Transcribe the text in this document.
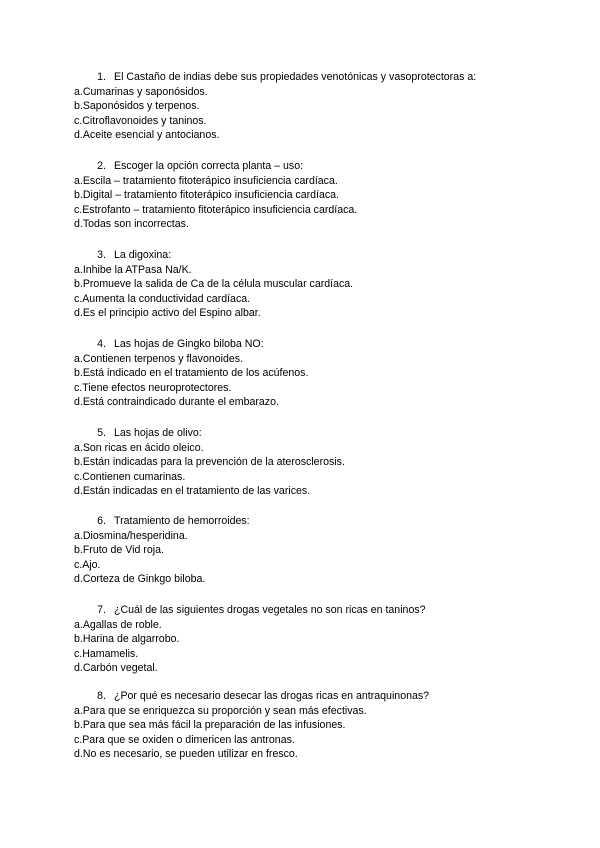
1. El Castaño de indias debe sus propiedades venotónicas y vasoprotectoras a:
a.Cumarinas y saponósidos.
b.Saponósidos y terpenos.
c.Citroflavonoides y taninos.
d.Aceite esencial y antocianos.
2. Escoger la opción correcta planta – uso:
a.Escila – tratamiento fitoterápico insuficiencia cardíaca.
b.Digital – tratamiento fitoterápico insuficiencia cardíaca.
c.Estrofanto – tratamiento fitoterápico insuficiencia cardíaca.
d.Todas son incorrectas.
3. La digoxina:
a.Inhibe la ATPasa Na/K.
b.Promueve la salida de Ca de la célula muscular cardíaca.
c.Aumenta la conductividad cardíaca.
d.Es el principio activo del Espino albar.
4. Las hojas de Gingko biloba NO:
a.Contienen terpenos y flavonoides.
b.Está indicado en el tratamiento de los acúfenos.
c.Tiene efectos neuroprotectores.
d.Está contraindicado durante el embarazo.
5. Las hojas de olivo:
a.Son ricas en ácido oleico.
b.Están indicadas para la prevención de la aterosclerosis.
c.Contienen cumarinas.
d.Están indicadas en el tratamiento de las varices.
6. Tratamiento de hemorroides:
a.Diosmina/hesperidina.
b.Fruto de Vid roja.
c.Ajo.
d.Corteza de Ginkgo biloba.
7. ¿Cuál de las siguientes drogas vegetales no son ricas en taninos?
a.Agallas de roble.
b.Harina de algarrobo.
c.Hamamelis.
d.Carbón vegetal.
8. ¿Por qué es necesario desecar las drogas ricas en antraquinonas?
a.Para que se enriquezca su proporción y sean más efectivas.
b.Para que sea más fácil la preparación de las infusiones.
c.Para que se oxiden o dimericen las antronas.
d.No es necesario, se pueden utilizar en fresco.
